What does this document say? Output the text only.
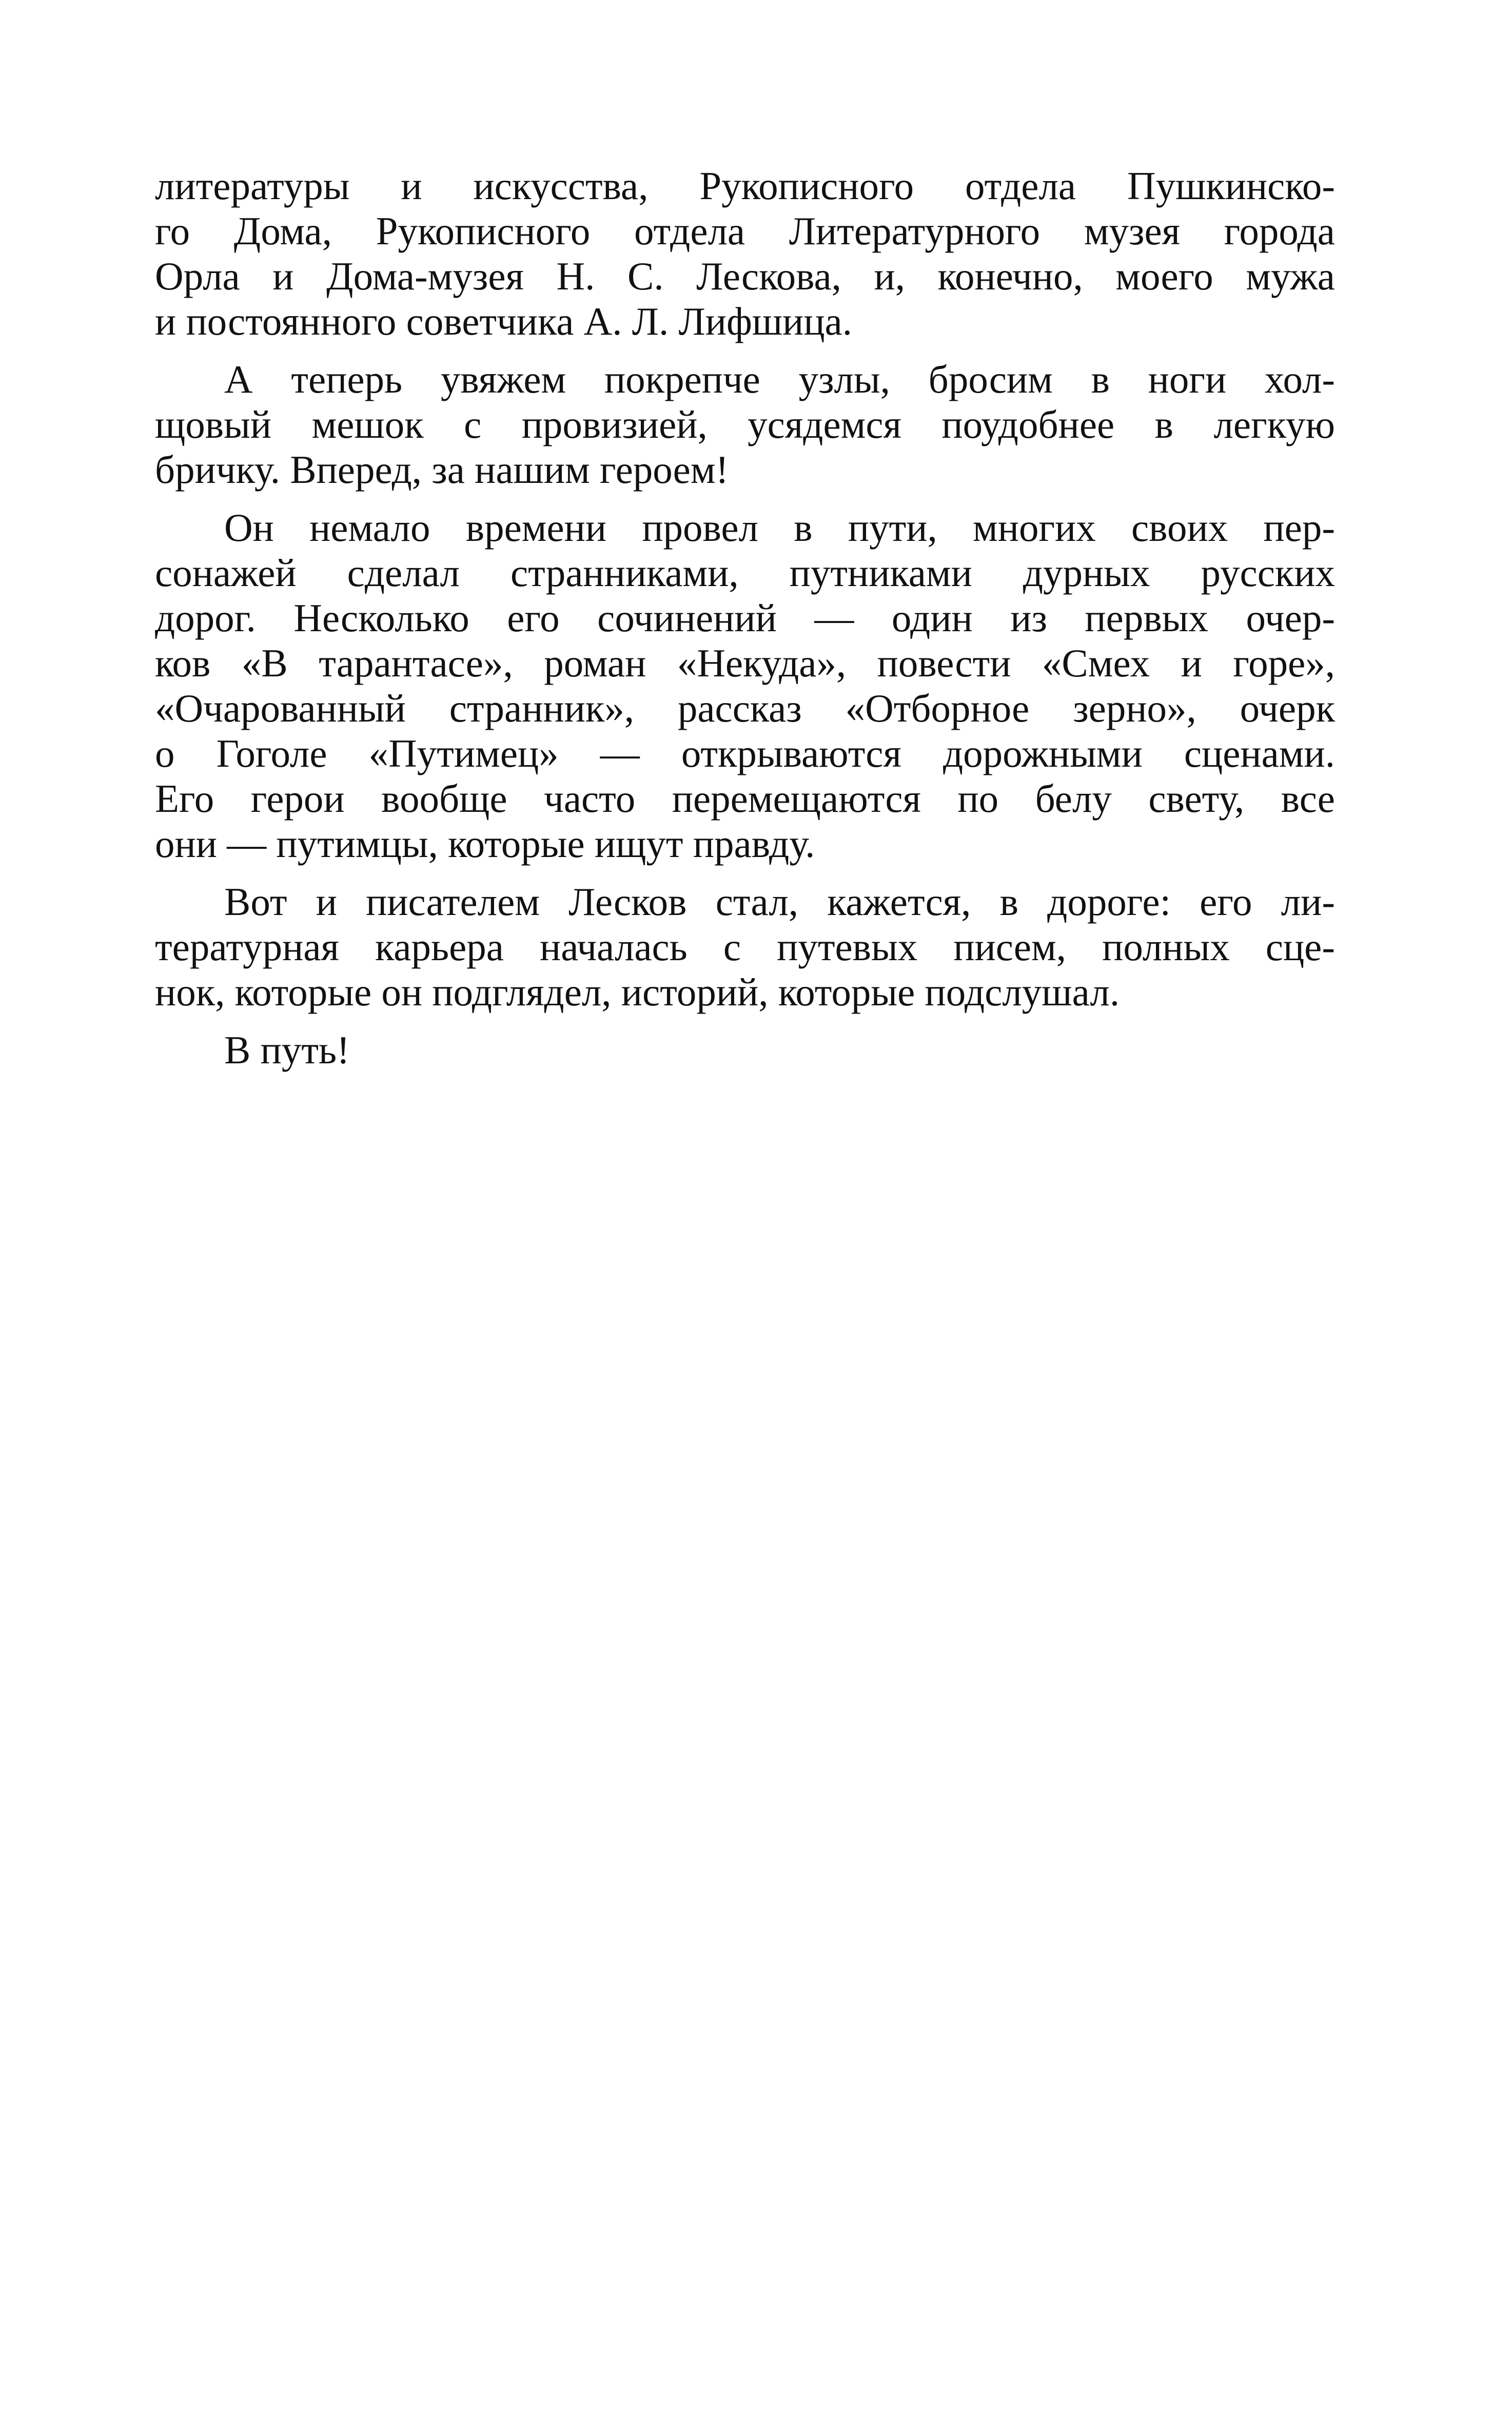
литературы и искусства, Рукописного отдела Пушкинско-
го Дома, Рукописного отдела Литературного музея города
Орла и Дома-музея Н. С. Лескова, и, конечно, моего мужа
и постоянного советчика А. Л. Лифшица.
А теперь увяжем покрепче узлы, бросим в ноги хол-
щовый мешок с провизией, усядемся поудобнее в легкую
бричку. Вперед, за нашим героем!
Он немало времени провел в пути, многих своих пер-
сонажей сделал странниками, путниками дурных русских
дорог. Несколько его сочинений — один из первых очер-
ков «В тарантасе», роман «Некуда», повести «Смех и горе»,
«Очарованный странник», рассказ «Отборное зерно», очерк
о Гоголе «Путимец» — открываются дорожными сценами.
Его герои вообще часто перемещаются по белу свету, все
они — путимцы, которые ищут правду.
Вот и писателем Лесков стал, кажется, в дороге: его ли-
тературная карьера началась с путевых писем, полных сце-
нок, которые он подглядел, историй, которые подслушал.
В путь!
